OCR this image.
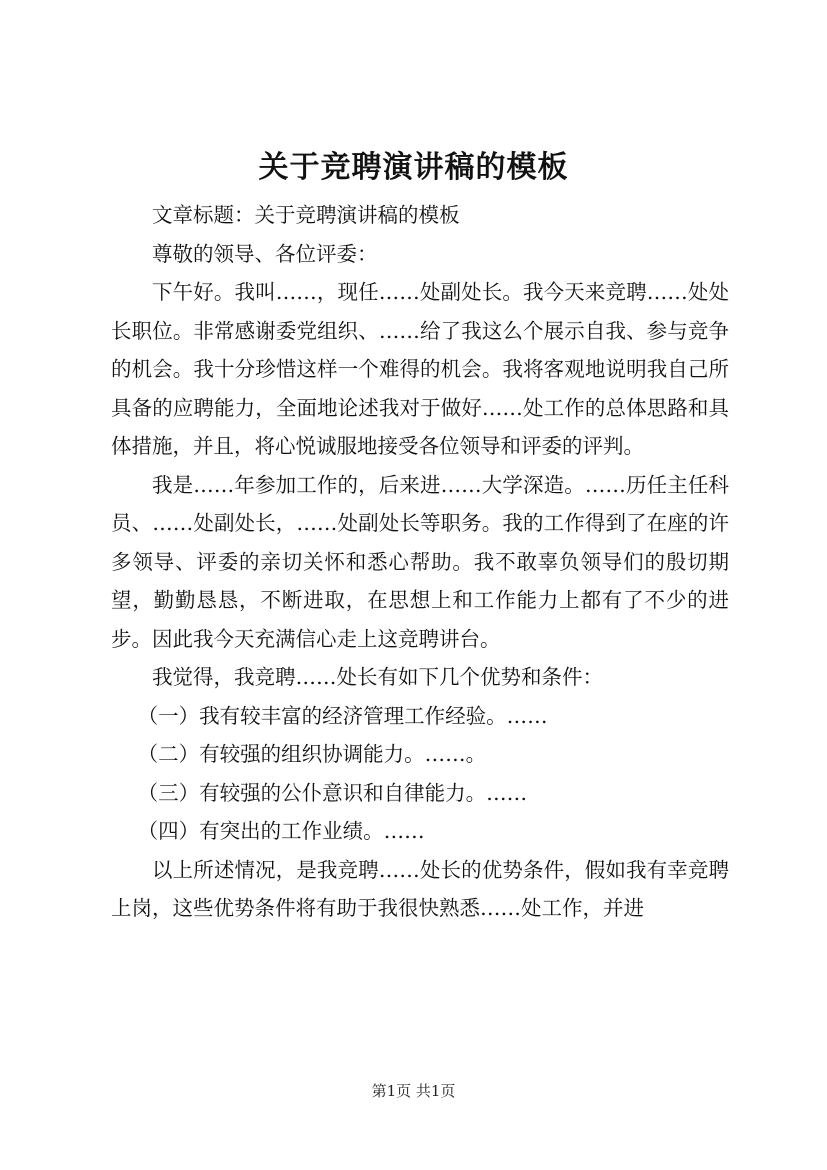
关于竞聘演讲稿的模板

文章标题：关于竞聘演讲稿的模板

尊敬的领导、各位评委：

下午好。我叫……，现任……处副处长。我今天来竞聘……处处长职位。非常感谢委党组织、……给了我这么个展示自我、参与竞争的机会。我十分珍惜这样一个难得的机会。我将客观地说明我自己所具备的应聘能力，全面地论述我对于做好……处工作的总体思路和具体措施，并且，将心悦诚服地接受各位领导和评委的评判。

我是……年参加工作的，后来进……大学深造。……历任主任科员、……处副处长，……处副处长等职务。我的工作得到了在座的许多领导、评委的亲切关怀和悉心帮助。我不敢辜负领导们的殷切期望，勤勤恳恳，不断进取，在思想上和工作能力上都有了不少的进步。因此我今天充满信心走上这竞聘讲台。

我觉得，我竞聘……处长有如下几个优势和条件：

（一）我有较丰富的经济管理工作经验。……

（二）有较强的组织协调能力。……。

（三）有较强的公仆意识和自律能力。……

（四）有突出的工作业绩。……

以上所述情况，是我竞聘……处长的优势条件，假如我有幸竞聘上岗，这些优势条件将有助于我很快熟悉……处工作，并进

第1页 共1页
